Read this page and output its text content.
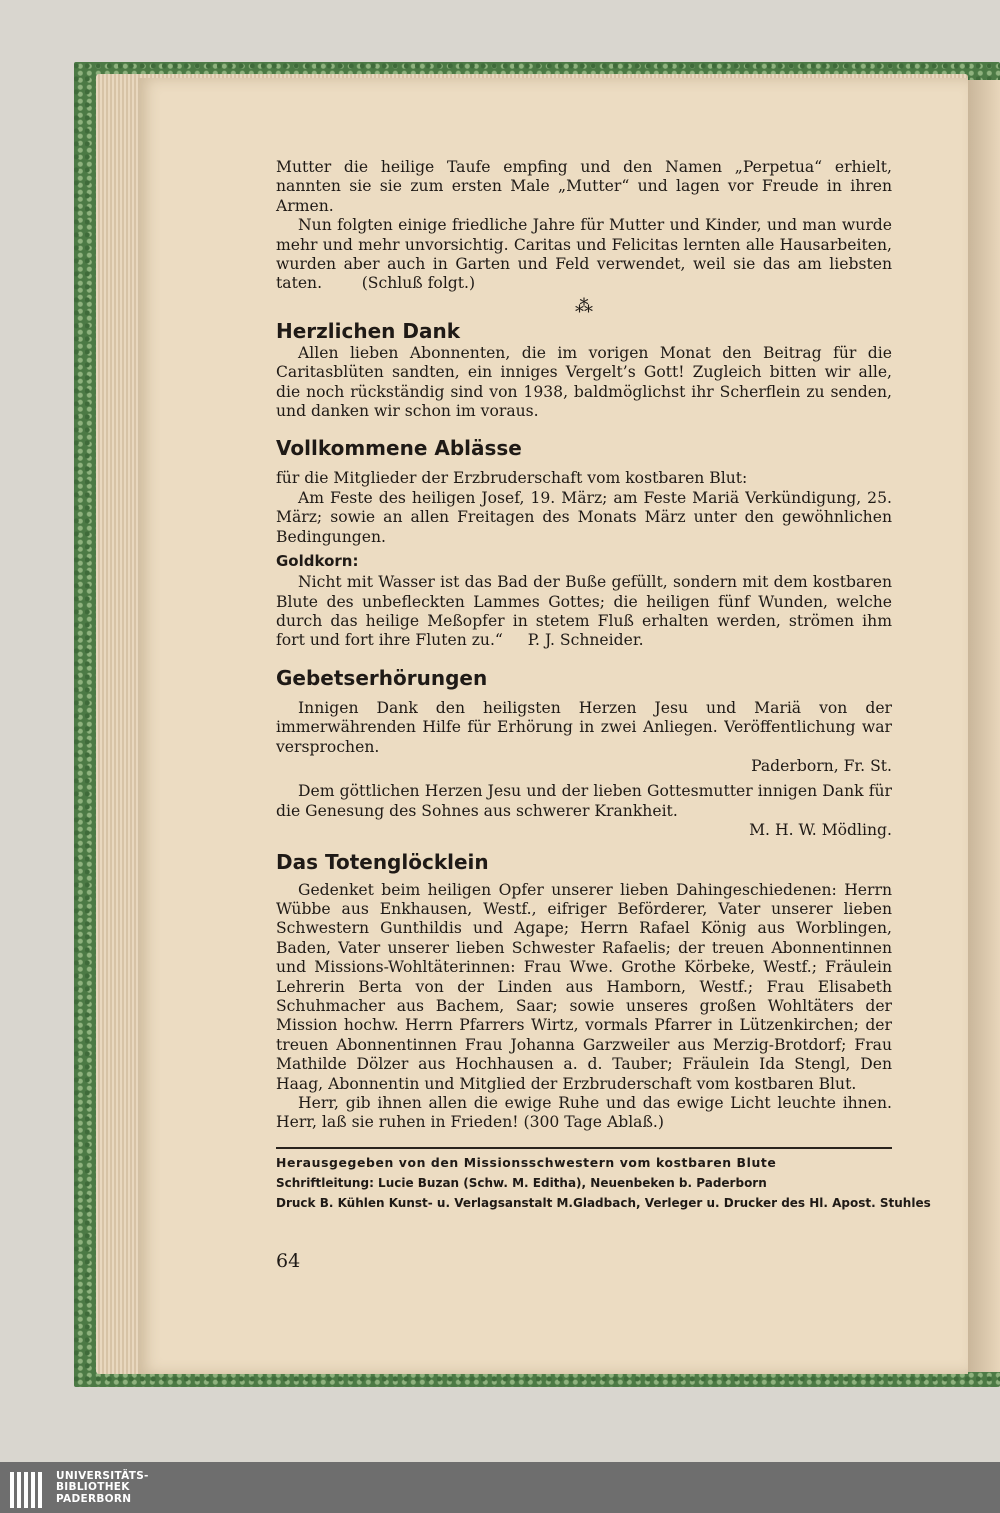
Mutter die heilige Taufe empfing und den Namen „Perpetua“ erhielt, nannten sie sie zum ersten Male „Mutter“ und lagen vor Freude in ihren Armen.

Nun folgten einige friedliche Jahre für Mutter und Kinder, und man wurde mehr und mehr unvorsichtig. Caritas und Felicitas lernten alle Hausarbeiten, wurden aber auch in Garten und Feld verwendet, weil sie das am liebsten taten.	(Schluß folgt.)

⁂
Herzlichen Dank

Allen lieben Abonnenten, die im vorigen Monat den Beitrag für die Caritasblüten sandten, ein inniges Vergelt’s Gott! Zugleich bitten wir alle, die noch rückständig sind von 1938, baldmöglichst ihr Scherflein zu senden, und danken wir schon im voraus.

Vollkommene Ablässe

für die Mitglieder der Erzbruderschaft vom kostbaren Blut:

Am Feste des heiligen Josef, 19. März; am Feste Mariä Verkündigung, 25. März; sowie an allen Freitagen des Monats März unter den gewöhnlichen Bedingungen.

Goldkorn:

Nicht mit Wasser ist das Bad der Buße gefüllt, sondern mit dem kostbaren Blute des unbefleckten Lammes Gottes; die heiligen fünf Wunden, welche durch das heilige Meßopfer in stetem Fluß erhalten werden, strömen ihm fort und fort ihre Fluten zu.“ P. J. Schneider.

Gebetserhörungen

Innigen Dank den heiligsten Herzen Jesu und Mariä von der immerwährenden Hilfe für Erhörung in zwei Anliegen. Veröffentlichung war versprochen.

Paderborn, Fr. St.

Dem göttlichen Herzen Jesu und der lieben Gottesmutter innigen Dank für die Genesung des Sohnes aus schwerer Krankheit.

M. H. W. Mödling.

Das Totenglöcklein

Gedenket beim heiligen Opfer unserer lieben Dahingeschiedenen: Herrn Wübbe aus Enkhausen, Westf., eifriger Beförderer, Vater unserer lieben Schwestern Gunthildis und Agape; Herrn Rafael König aus Worblingen, Baden, Vater unserer lieben Schwester Rafaelis; der treuen Abonnentinnen und Missions-Wohltäterinnen: Frau Wwe. Grothe Körbeke, Westf.; Fräulein Lehrerin Berta von der Linden aus Hamborn, Westf.; Frau Elisabeth Schuhmacher aus Bachem, Saar; sowie unseres großen Wohltäters der Mission hochw. Herrn Pfarrers Wirtz, vormals Pfarrer in Lützenkirchen; der treuen Abonnentinnen Frau Johanna Garzweiler aus Merzig-Brotdorf; Frau Mathilde Dölzer aus Hochhausen a. d. Tauber; Fräulein Ida Stengl, Den Haag, Abonnentin und Mitglied der Erzbruderschaft vom kostbaren Blut.

Herr, gib ihnen allen die ewige Ruhe und das ewige Licht leuchte ihnen. Herr, laß sie ruhen in Frieden! (300 Tage Ablaß.)

Herausgegeben von den Missionsschwestern vom kostbaren Blute
Schriftleitung: Lucie Buzan (Schw. M. Editha), Neuenbeken b. Paderborn
Druck B. Kühlen Kunst- u. Verlagsanstalt M.Gladbach, Verleger u. Drucker des Hl. Apost. Stuhles
64
UNIVERSITÄTS-
BIBLIOTHEK
PADERBORN
